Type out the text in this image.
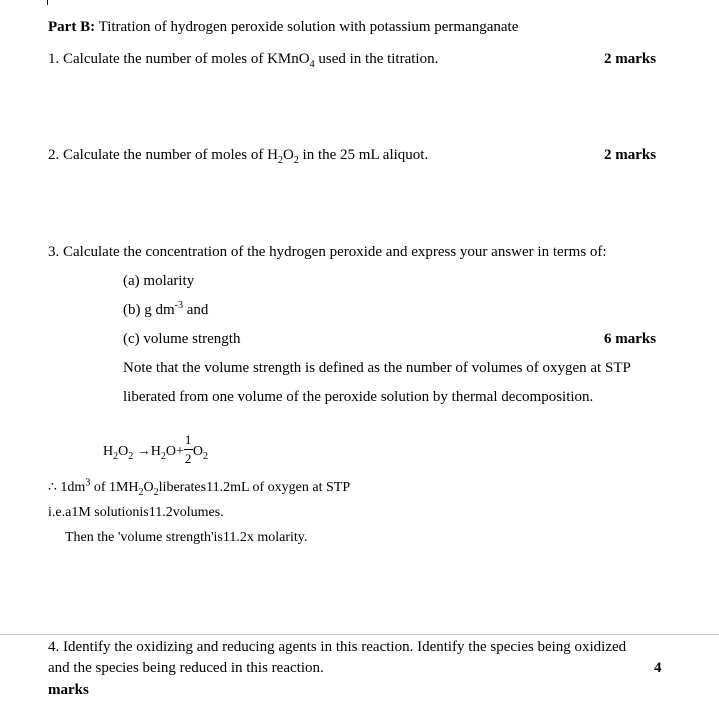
Part B: Titration of hydrogen peroxide solution with potassium permanganate
1. Calculate the number of moles of KMnO$_4$ used in the titration.	2 marks
2. Calculate the number of moles of $H_2O_2$ in the 25 mL aliquot.	2 marks
3. Calculate the concentration of the hydrogen peroxide and express your answer in terms of:
(a) molarity
(b) g $dm^{-3}$ and
(c) volume strength	6 marks
Note that the volume strength is defined as the number of volumes of oxygen at STP
liberated from one volume of the peroxide solution by thermal decomposition.
$H_2O_2 \to H_2O+ \frac{1}{2} O_2$
∴ $1dm^3$ of $1MH_2O_2liberates11.2mL$ of oxygen at STP
i.e.a1M solutionis11.2volumes.
Then the 'volume strength'is11.2x molarity.
4. Identify the oxidizing and reducing agents in this reaction. Identify the species being oxidized
and the species being reduced in this reaction.	4
marks
